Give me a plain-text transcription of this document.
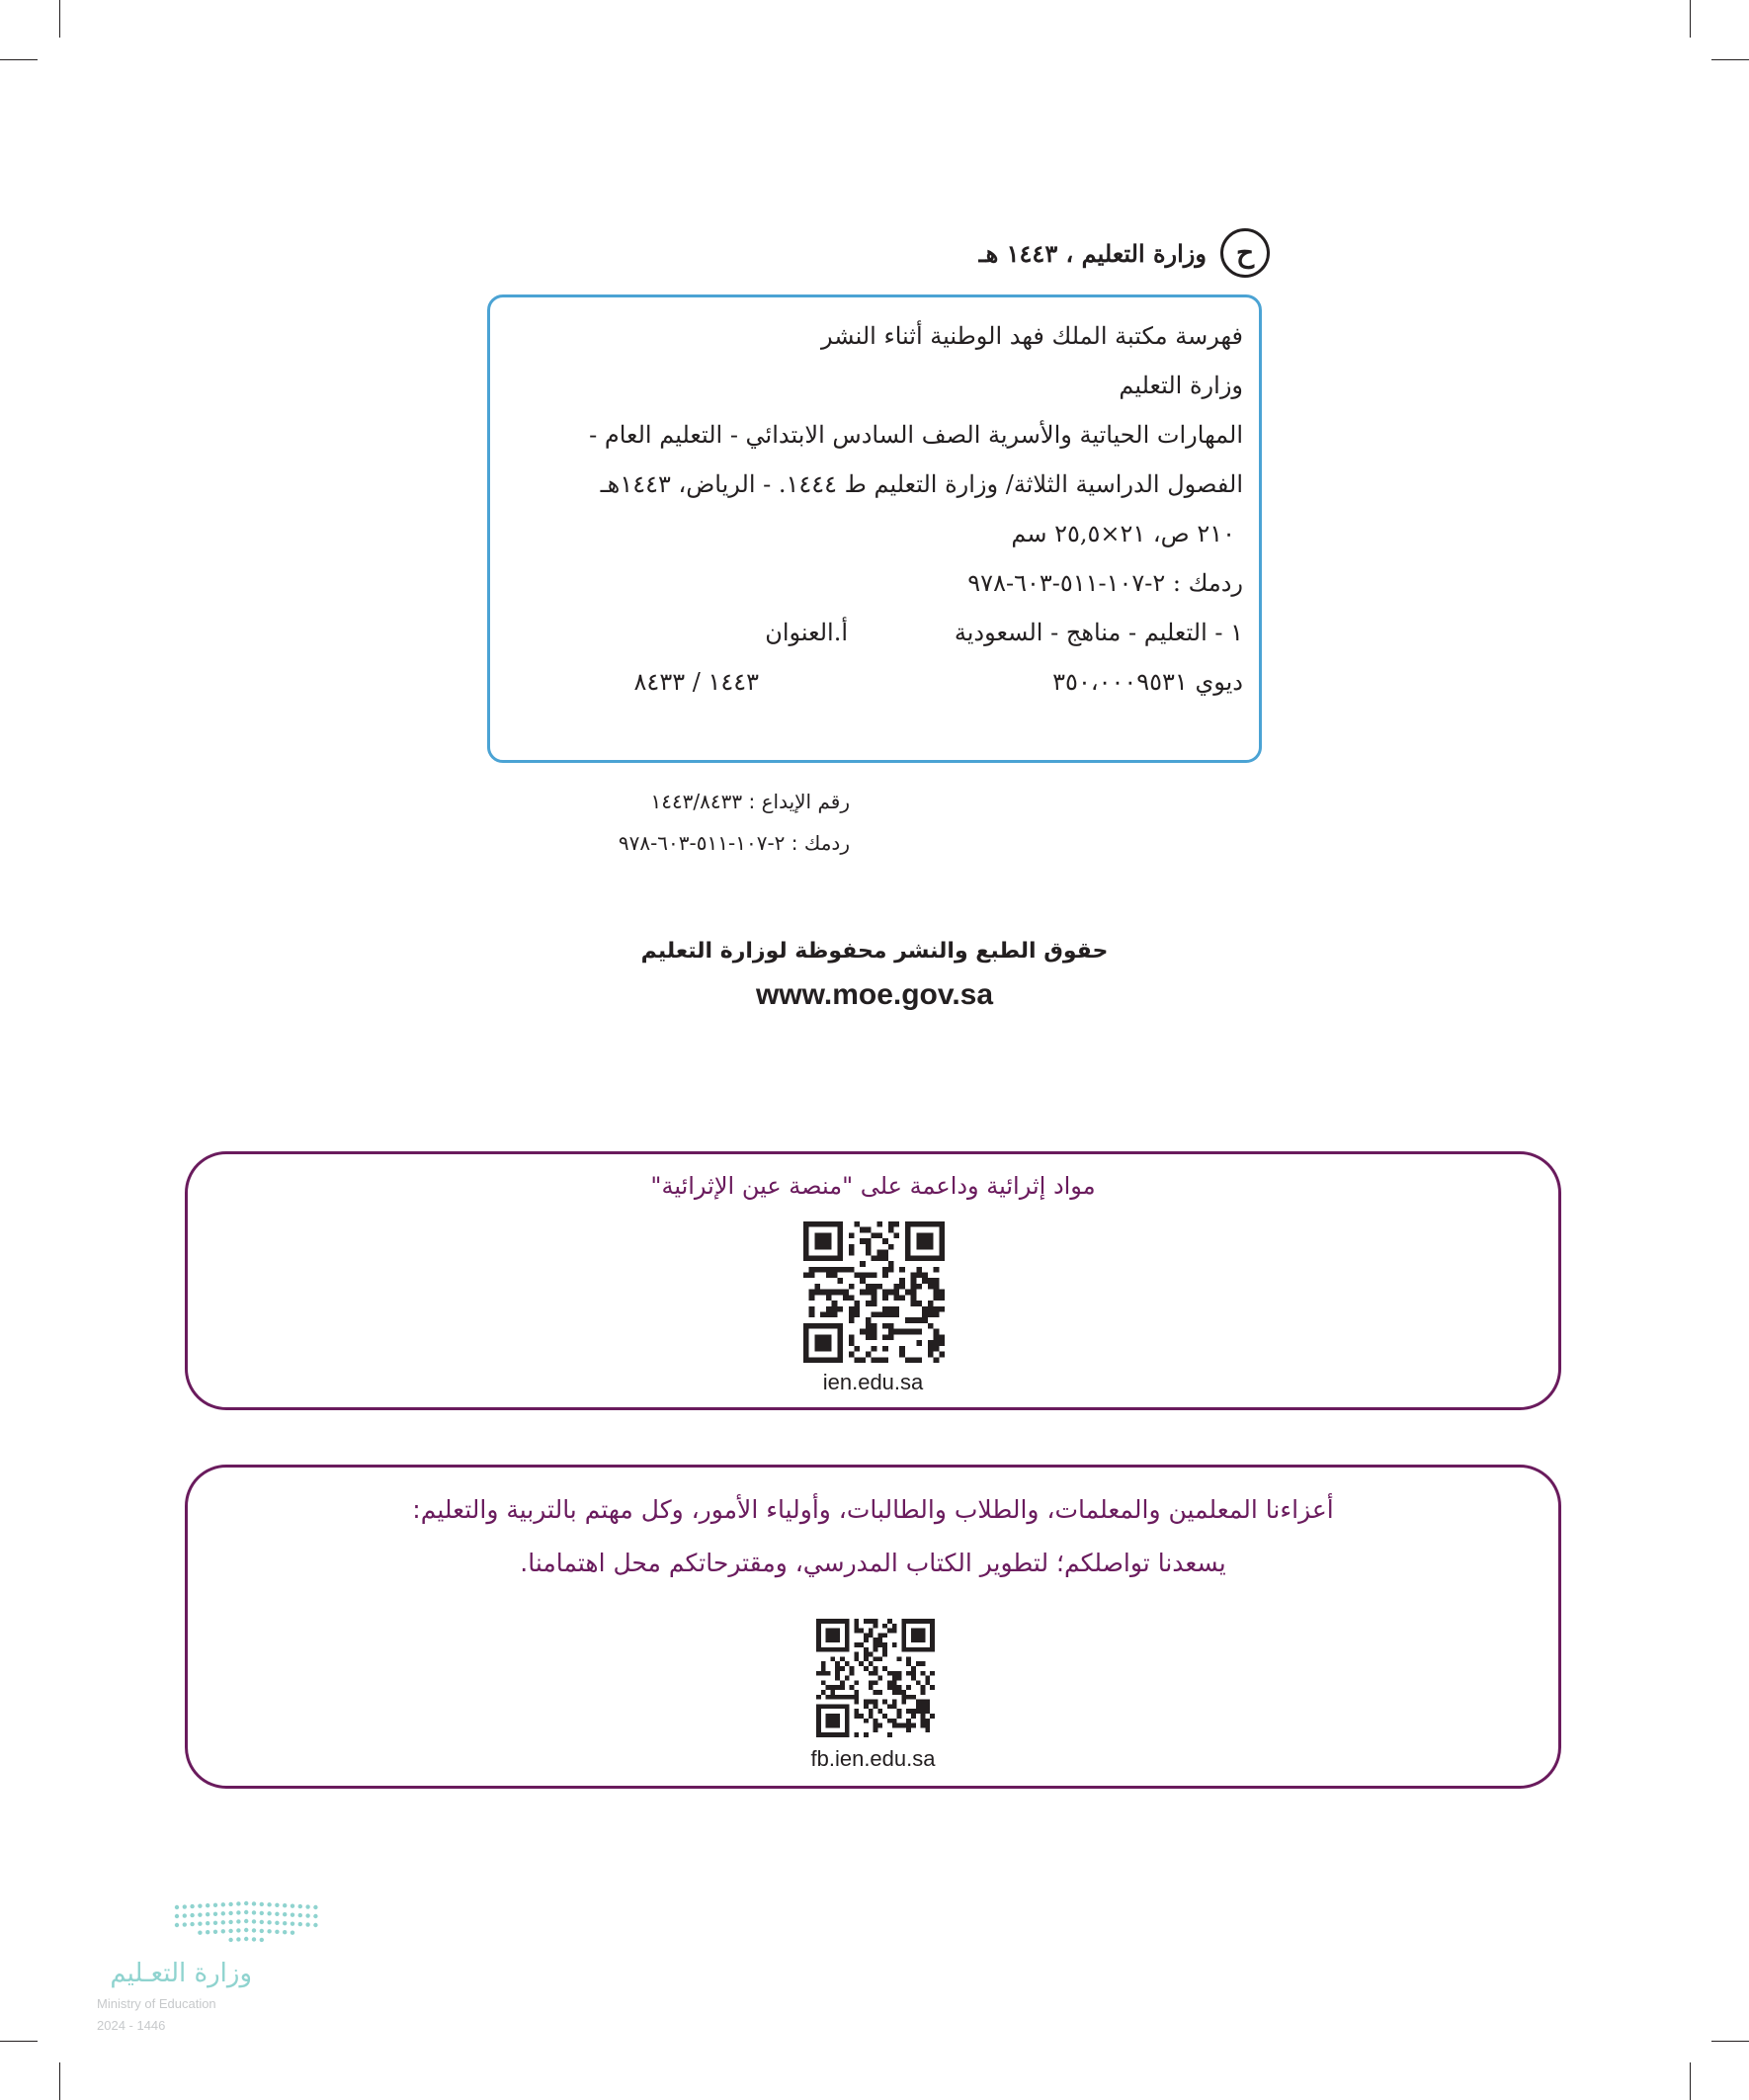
ح
وزارة التعليم ، ١٤٤٣ هـ
فهرسة مكتبة الملك فهد الوطنية أثناء النشر
وزارة التعليم
المهارات الحياتية والأسرية الصف السادس الابتدائي - التعليم العام -
الفصول الدراسية الثلاثة/ وزارة التعليم ط ١٤٤٤. - الرياض، ١٤٤٣هـ
٢١٠ ص، ٢١×٢٥,٥ سم
ردمك : ٢-١٠٧-٥١١-٦٠٣-٩٧٨
١ - التعليم - مناهج - السعودية
أ.العنوان
ديوي ٣٥٠،٠٠٠٩٥٣١
١٤٤٣ / ٨٤٣٣
رقم الإيداع : ١٤٤٣/٨٤٣٣
ردمك : ٢-١٠٧-٥١١-٦٠٣-٩٧٨
حقوق الطبع والنشر محفوظة لوزارة التعليم
www.moe.gov.sa
مواد إثرائية وداعمة على "منصة عين الإثرائية"
ien.edu.sa
أعزاءنا المعلمين والمعلمات، والطلاب والطالبات، وأولياء الأمور، وكل مهتم بالتربية والتعليم:
يسعدنا تواصلكم؛ لتطوير الكتاب المدرسي، ومقترحاتكم محل اهتمامنا.
fb.ien.edu.sa
وزارة التعـليم
Ministry of Education
2024 - 1446
